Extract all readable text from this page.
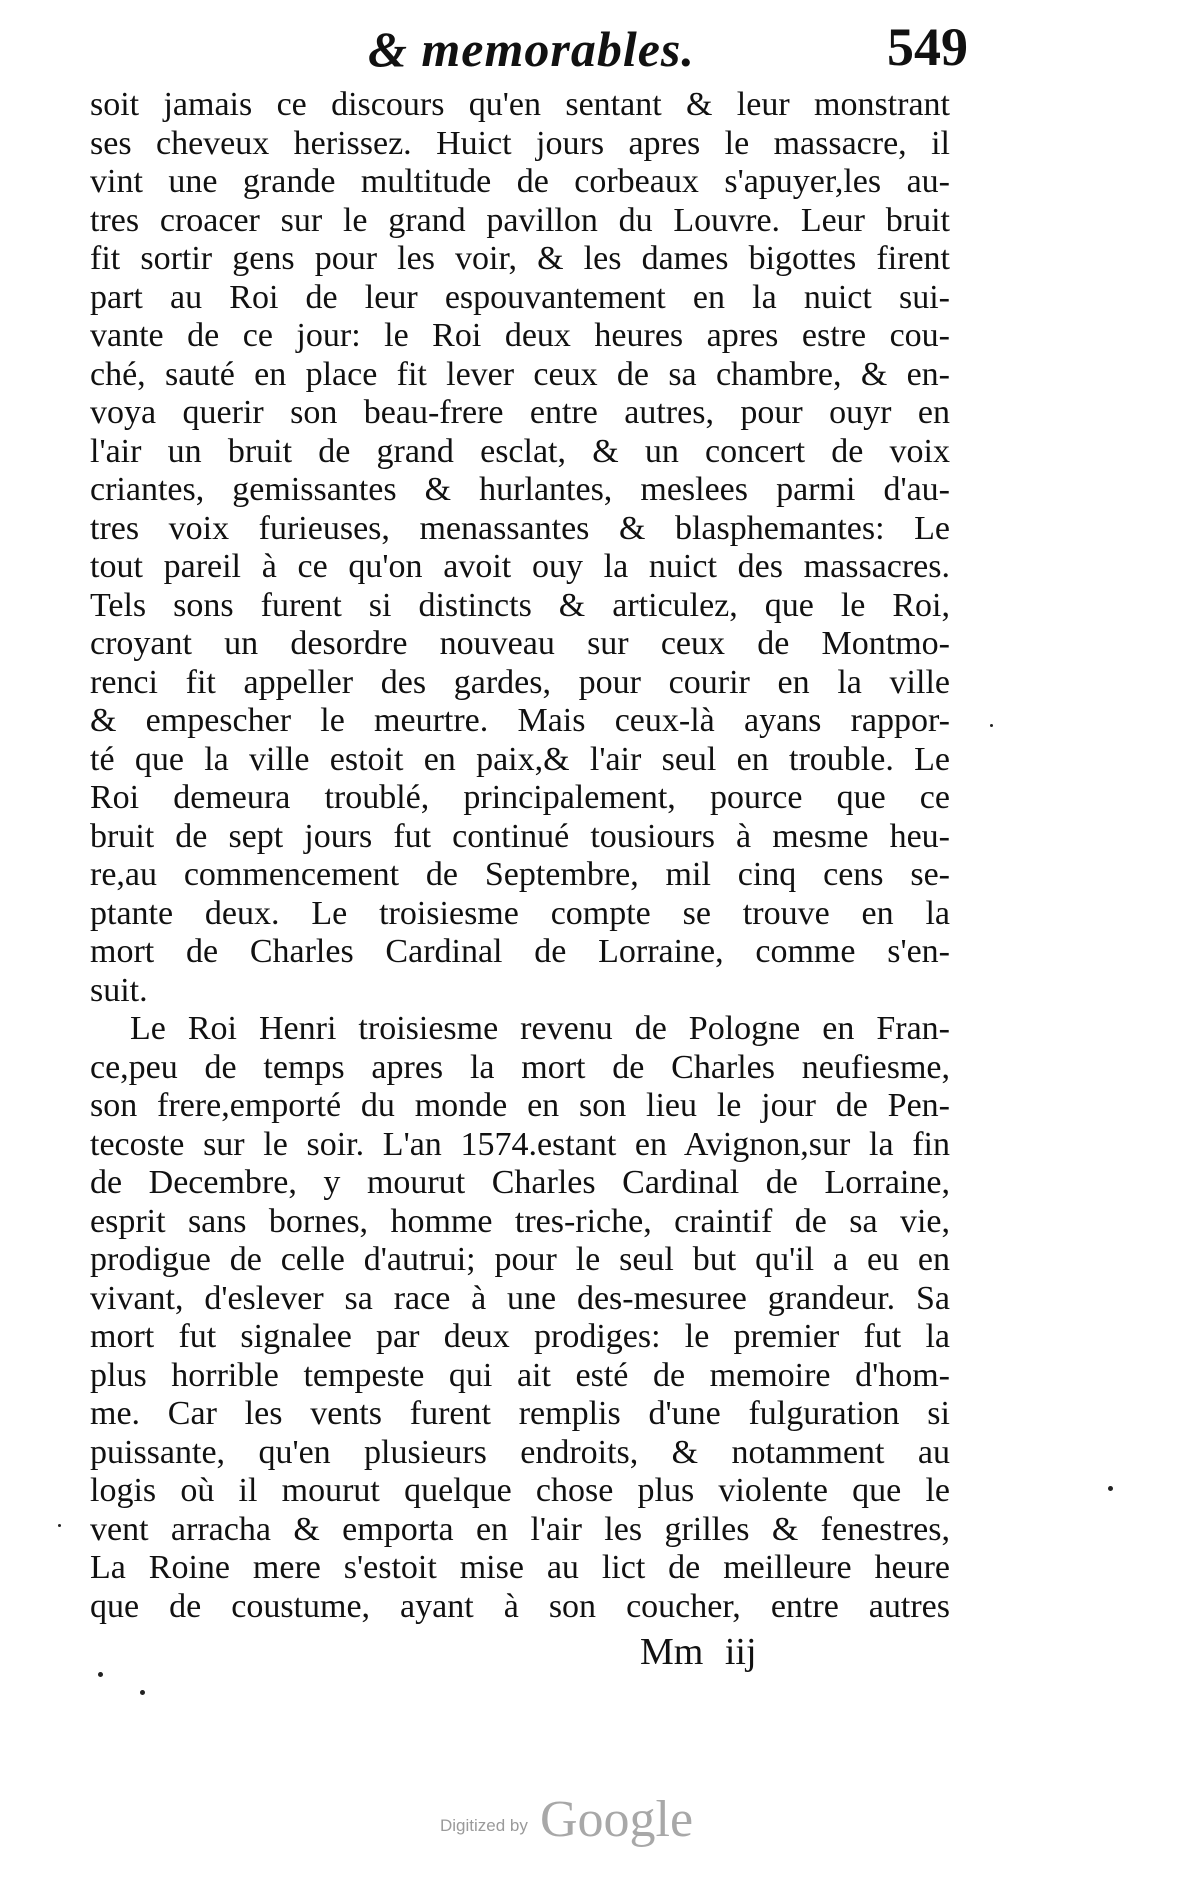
& memorables.	549
soit jamais ce discours qu'en sentant & leur monstrant
ses cheveux herissez. Huict jours apres le massacre, il
vint une grande multitude de corbeaux s'apuyer,les au-
tres croacer sur le grand pavillon du Louvre. Leur bruit
fit sortir gens pour les voir, & les dames bigottes firent
part au Roi de leur espouvantement en la nuict sui-
vante de ce jour: le Roi deux heures apres estre cou-
ché, sauté en place fit lever ceux de sa chambre, & en-
voya querir son beau-frere entre autres, pour ouyr en
l'air un bruit de grand esclat, & un concert de voix
criantes, gemissantes & hurlantes, meslees parmi d'au-
tres voix furieuses, menassantes & blasphemantes: Le
tout pareil à ce qu'on avoit ouy la nuict des massacres.
Tels sons furent si distincts & articulez, que le Roi,
croyant un desordre nouveau sur ceux de Montmo-
renci fit appeller des gardes, pour courir en la ville
& empescher le meurtre. Mais ceux-là ayans rappor-
té que la ville estoit en paix,& l'air seul en trouble. Le
Roi demeura troublé, principalement, pource que ce
bruit de sept jours fut continué tousiours à mesme heu-
re,au commencement de Septembre, mil cinq cens se-
ptante deux. Le troisiesme compte se trouve en la
mort de Charles Cardinal de Lorraine, comme s'en-
suit.
Le Roi Henri troisiesme revenu de Pologne en Fran-
ce,peu de temps apres la mort de Charles neufiesme,
son frere,emporté du monde en son lieu le jour de Pen-
tecoste sur le soir. L'an 1574.estant en Avignon,sur la fin
de Decembre, y mourut Charles Cardinal de Lorraine,
esprit sans bornes, homme tres-riche, craintif de sa vie,
prodigue de celle d'autrui; pour le seul but qu'il a eu en
vivant, d'eslever sa race à une des-mesuree grandeur. Sa
mort fut signalee par deux prodiges: le premier fut la
plus horrible tempeste qui ait esté de memoire d'hom-
me. Car les vents furent remplis d'une fulguration si
puissante, qu'en plusieurs endroits, & notamment au
logis où il mourut quelque chose plus violente que le
vent arracha & emporta en l'air les grilles & fenestres,
La Roine mere s'estoit mise au lict de meilleure heure
que de coustume, ayant à son coucher, entre autres
Mm iij
Digitized by Google
